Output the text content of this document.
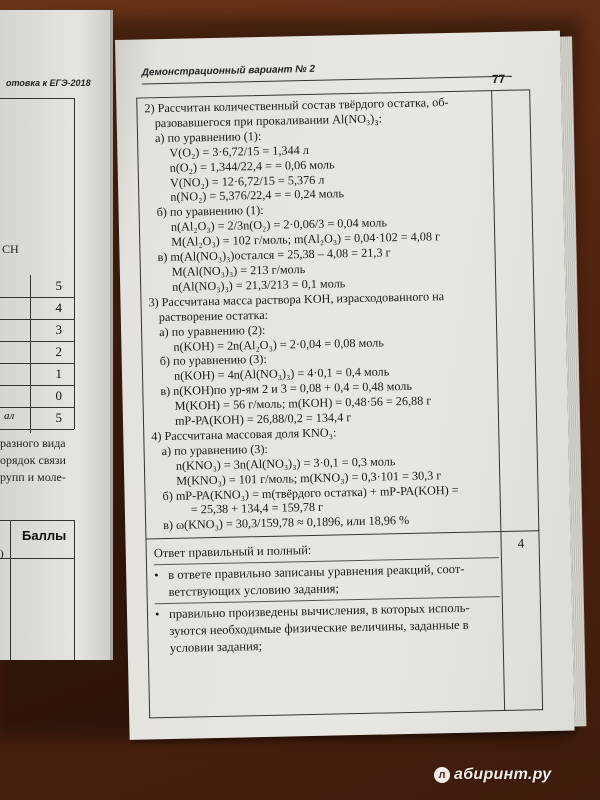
отовка к ЕГЭ-2018
CH
5
4
3
2
1
0
ал	5
разного вида
орядок связи
рупп и моле-
Баллы
)
Демонстрационный вариант № 2
77
2) Рассчитан количественный состав твёрдого остатка, об-
разовавшегося при прокаливании Al(NO₃)₃:
а) по уравнению (1):
V(O₂) = 3·6,72/15 = 1,344 л
n(O₂) = 1,344/22,4 = = 0,06 моль
V(NO₂) = 12·6,72/15 = 5,376 л
n(NO₂) = 5,376/22,4 = = 0,24 моль
б) по уравнению (1):
n(Al₂O₃) = 2/3n(O₂) = 2·0,06/3 = 0,04 моль
M(Al₂O₃) = 102 г/моль; m(Al₂O₃) = 0,04·102 = 4,08 г
в) m(Al(NO₃)₃)остался = 25,38 – 4,08 = 21,3 г
M(Al(NO₃)₃) = 213 г/моль
n(Al(NO₃)₃) = 21,3/213 = 0,1 моль
3) Рассчитана масса раствора KOH, израсходованного на
растворение остатка:
а) по уравнению (2):
n(KOH) = 2n(Al₂O₃) = 2·0,04 = 0,08 моль
б) по уравнению (3):
n(KOH) = 4n(Al(NO₃)₃) = 4·0,1 = 0,4 моль
в) n(KOH)по ур-ям 2 и 3 = 0,08 + 0,4 = 0,48 моль
M(KOH) = 56 г/моль; m(KOH) = 0,48·56 = 26,88 г
mР-РА(KOH) = 26,88/0,2 = 134,4 г
4) Рассчитана массовая доля KNO₃:
а) по уравнению (3):
n(KNO₃) = 3n(Al(NO₃)₃) = 3·0,1 = 0,3 моль
M(KNO₃) = 101 г/моль; m(KNO₃) = 0,3·101 = 30,3 г
б) mР-РА(KNO₃) = m(твёрдого остатка) + mР-РА(KOH) =
= 25,38 + 134,4 = 159,78 г
в) ω(KNO₃) = 30,3/159,78 ≈ 0,1896, или 18,96 %
4
Ответ правильный и полный:
• в ответе правильно записаны уравнения реакций, соот-
ветствующих условию задания;
• правильно произведены вычисления, в которых исполь-
зуются необходимые физические величины, заданные в
условии задания;
л абиринт.ру
